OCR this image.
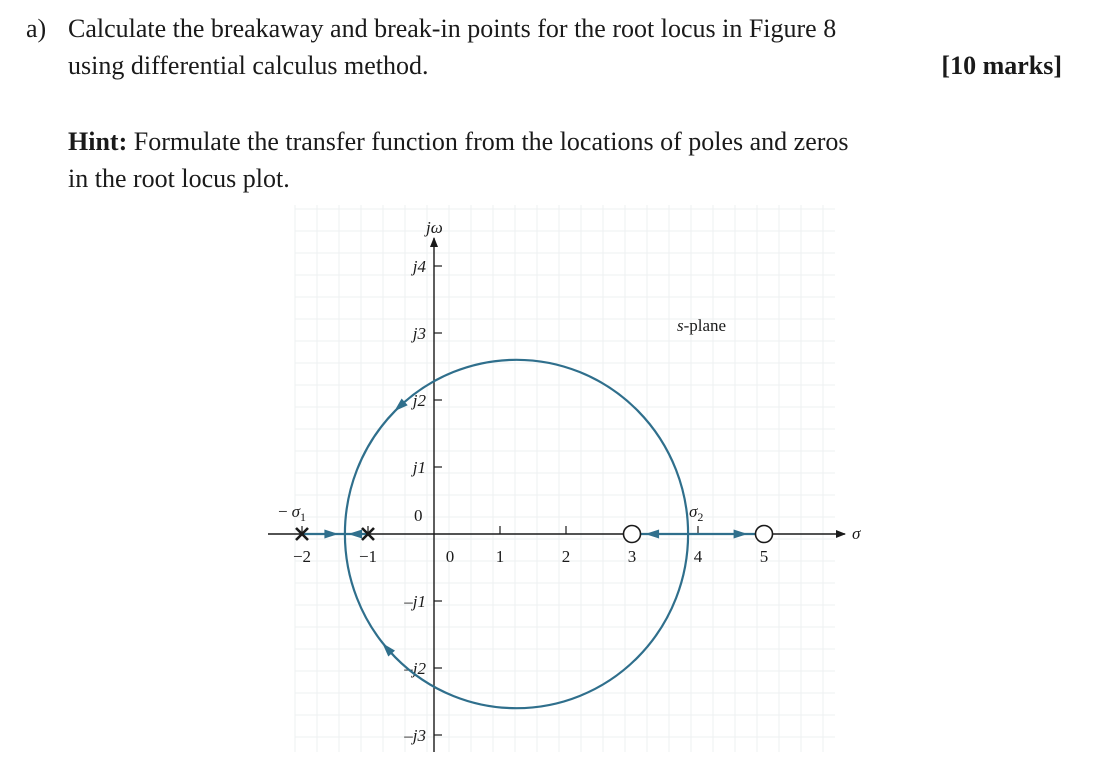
a) Calculate the breakaway and break-in points for the root locus in Figure 8
using differential calculus method.	[10 marks]
Hint: Formulate the transfer function from the locations of poles and zeros
in the root locus plot.
−2	−1	0 1	2	3	4	5
j4
j3
j2
j1
–j1
–j2
–j3
jω
σ
s-plane
0
− $\sigma_1$	$\sigma_2$
